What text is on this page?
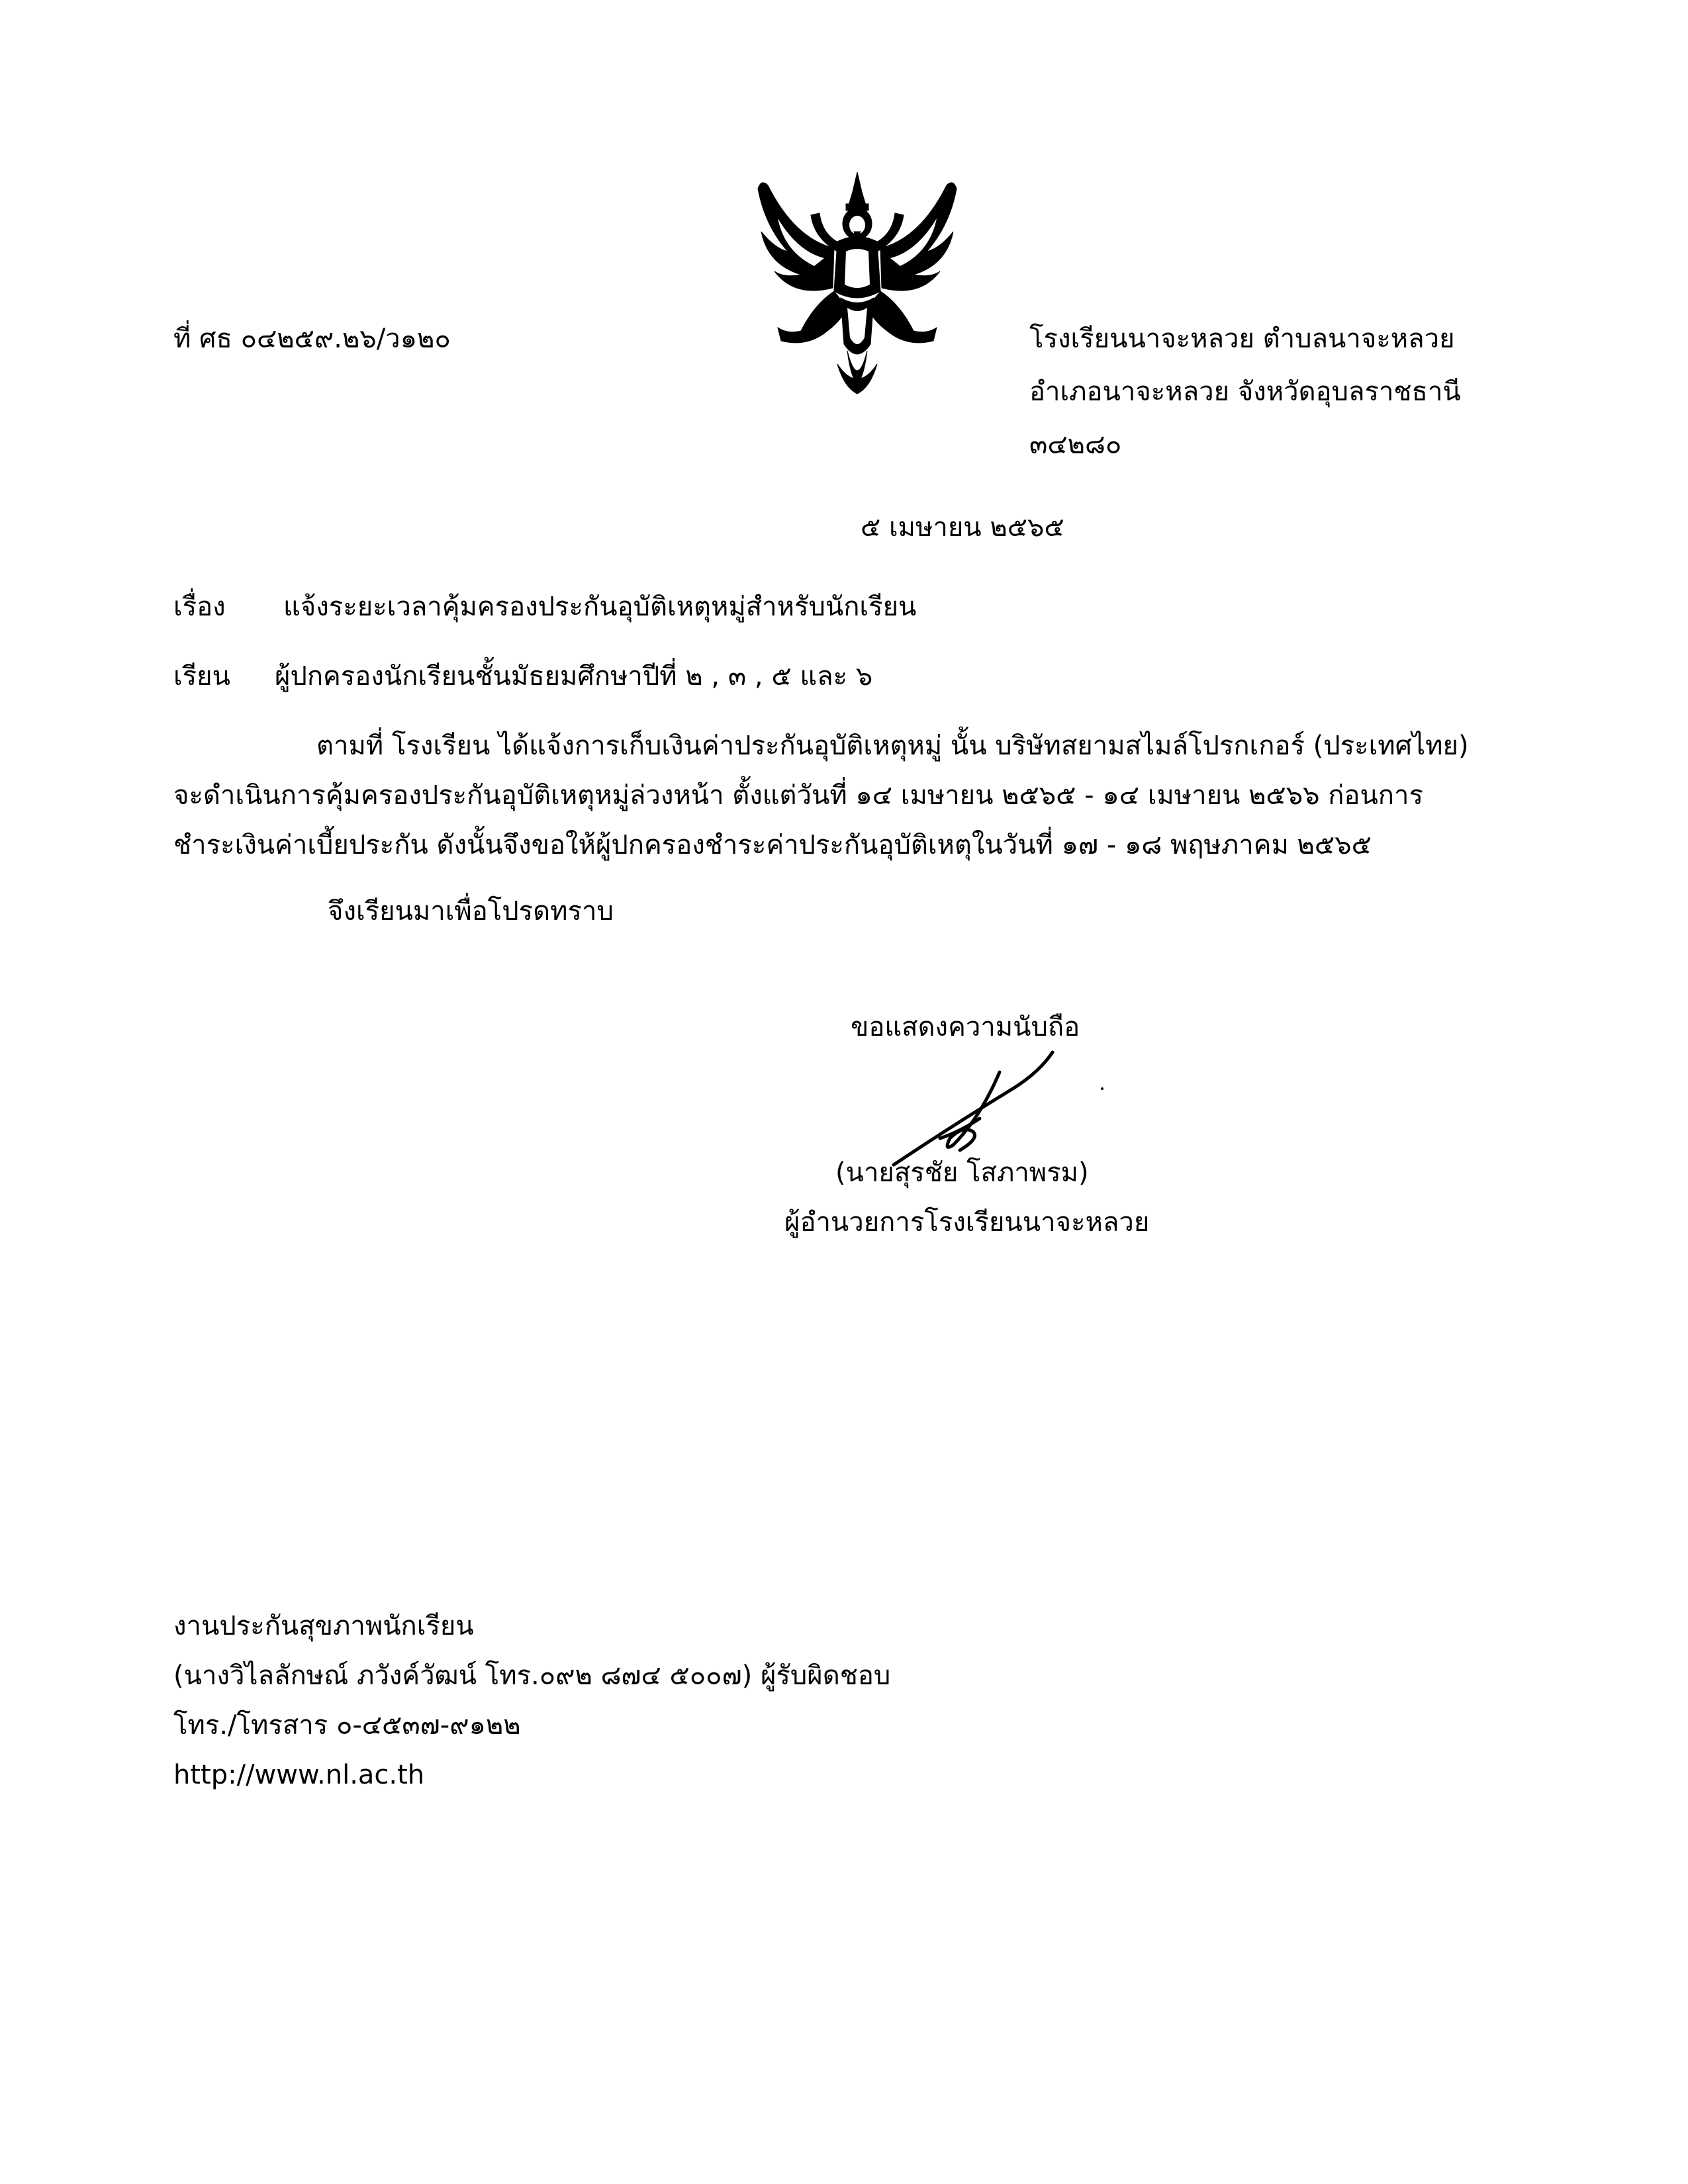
ที่ ศธ ๐๔๒๕๙.๒๖/ว๑๒๐	โรงเรียนนาจะหลวย ตำบลนาจะหลวย
อำเภอนาจะหลวย จังหวัดอุบลราชธานี
๓๔๒๘๐
๕ เมษายน ๒๕๖๕
เรื่อง แจ้งระยะเวลาคุ้มครองประกันอุบัติเหตุหมู่สำหรับนักเรียน
เรียน ผู้ปกครองนักเรียนชั้นมัธยมศึกษาปีที่ ๒ , ๓ , ๕ และ ๖
ตามที่ โรงเรียน ได้แจ้งการเก็บเงินค่าประกันอุบัติเหตุหมู่ นั้น บริษัทสยามสไมล์โปรกเกอร์ (ประเทศไทย)
จะดำเนินการคุ้มครองประกันอุบัติเหตุหมู่ล่วงหน้า ตั้งแต่วันที่ ๑๔ เมษายน ๒๕๖๕ - ๑๔ เมษายน ๒๕๖๖ ก่อนการ
ชำระเงินค่าเบี้ยประกัน ดังนั้นจึงขอให้ผู้ปกครองชำระค่าประกันอุบัติเหตุในวันที่ ๑๗ - ๑๘ พฤษภาคม ๒๕๖๕
จึงเรียนมาเพื่อโปรดทราบ
ขอแสดงความนับถือ
(นายสุรชัย โสภาพรม)
ผู้อำนวยการโรงเรียนนาจะหลวย
งานประกันสุขภาพนักเรียน
(นางวิไลลักษณ์ ภวังค์วัฒน์ โทร.๐๙๒ ๘๗๔ ๕๐๐๗) ผู้รับผิดชอบ
โทร./โทรสาร ๐-๔๕๓๗-๙๑๒๒
http://www.nl.ac.th
